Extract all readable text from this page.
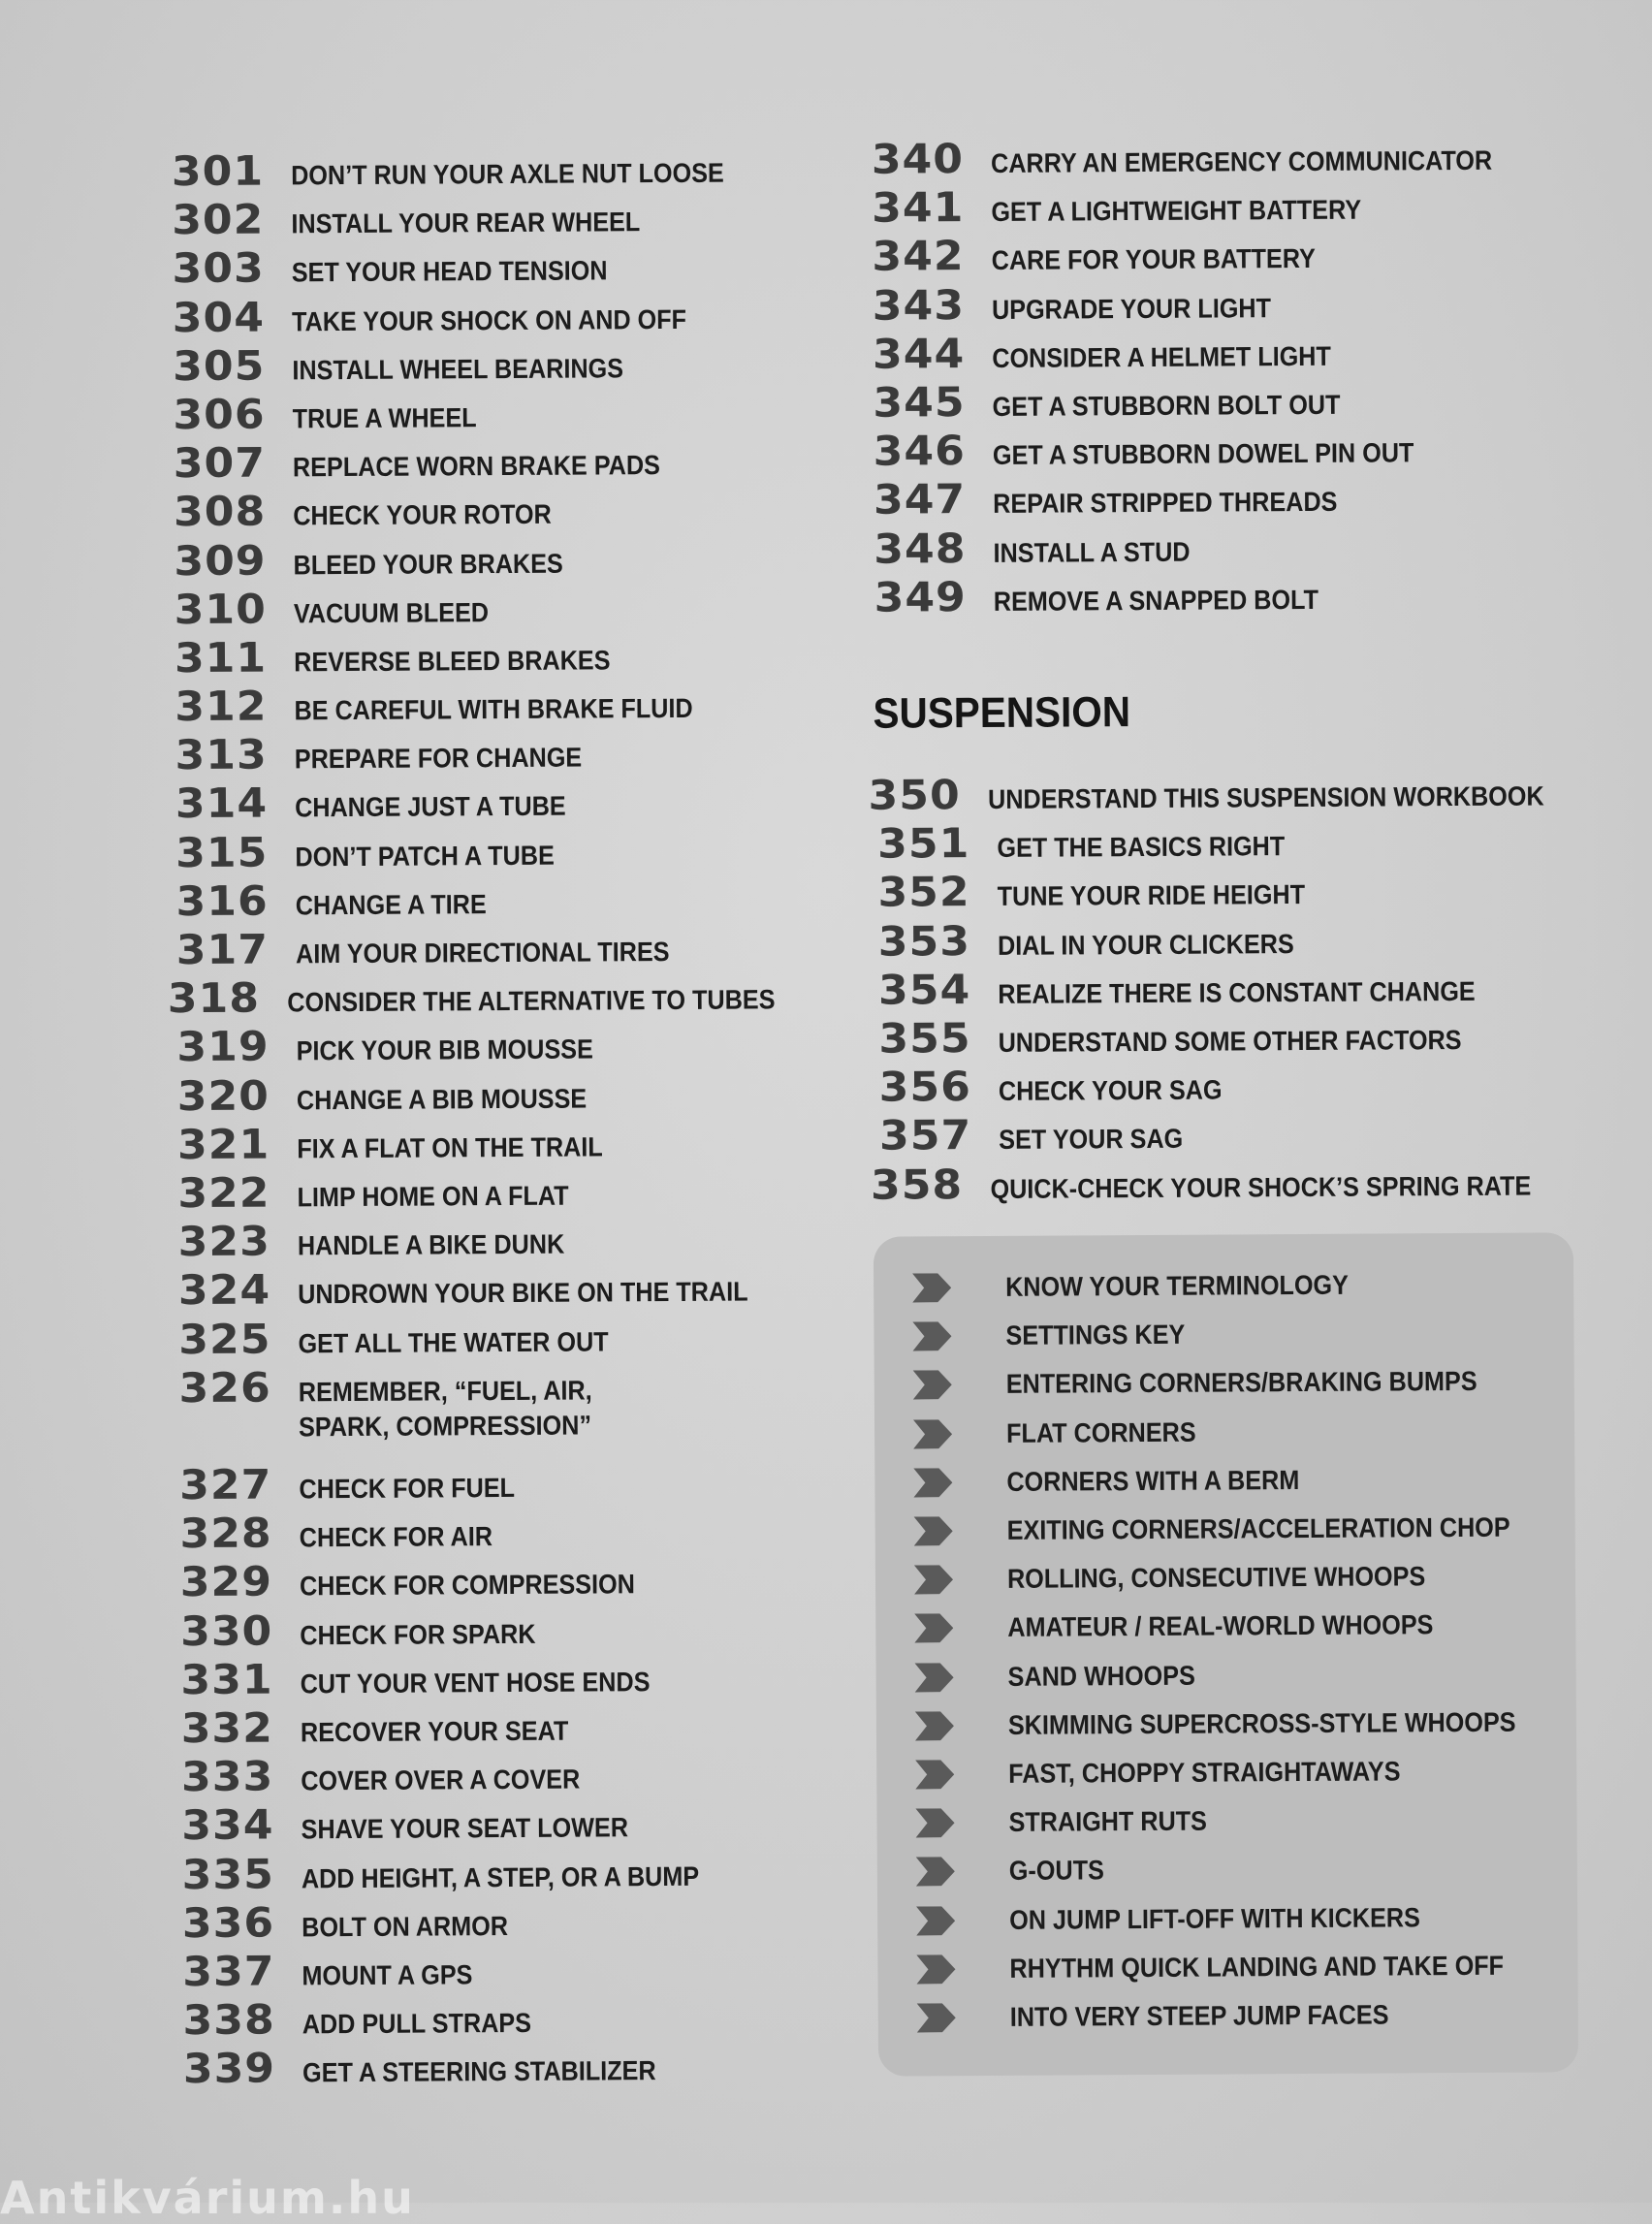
301 DON’T RUN YOUR AXLE NUT LOOSE
302 INSTALL YOUR REAR WHEEL
303 SET YOUR HEAD TENSION
304 TAKE YOUR SHOCK ON AND OFF
305 INSTALL WHEEL BEARINGS
306 TRUE A WHEEL
307 REPLACE WORN BRAKE PADS
308 CHECK YOUR ROTOR
309 BLEED YOUR BRAKES
310 VACUUM BLEED
311 REVERSE BLEED BRAKES
312 BE CAREFUL WITH BRAKE FLUID
313 PREPARE FOR CHANGE
314 CHANGE JUST A TUBE
315 DON’T PATCH A TUBE
316 CHANGE A TIRE
317 AIM YOUR DIRECTIONAL TIRES
318 CONSIDER THE ALTERNATIVE TO TUBES
319 PICK YOUR BIB MOUSSE
320 CHANGE A BIB MOUSSE
321 FIX A FLAT ON THE TRAIL
322 LIMP HOME ON A FLAT
323 HANDLE A BIKE DUNK
324 UNDROWN YOUR BIKE ON THE TRAIL
325 GET ALL THE WATER OUT
326 REMEMBER, “FUEL, AIR,
SPARK, COMPRESSION”
327 CHECK FOR FUEL
328 CHECK FOR AIR
329 CHECK FOR COMPRESSION
330 CHECK FOR SPARK
331 CUT YOUR VENT HOSE ENDS
332 RECOVER YOUR SEAT
333 COVER OVER A COVER
334 SHAVE YOUR SEAT LOWER
335 ADD HEIGHT, A STEP, OR A BUMP
336 BOLT ON ARMOR
337 MOUNT A GPS
338 ADD PULL STRAPS
339 GET A STEERING STABILIZER
340 CARRY AN EMERGENCY COMMUNICATOR
341 GET A LIGHTWEIGHT BATTERY
342 CARE FOR YOUR BATTERY
343 UPGRADE YOUR LIGHT
344 CONSIDER A HELMET LIGHT
345 GET A STUBBORN BOLT OUT
346 GET A STUBBORN DOWEL PIN OUT
347 REPAIR STRIPPED THREADS
348 INSTALL A STUD
349 REMOVE A SNAPPED BOLT
SUSPENSION
350 UNDERSTAND THIS SUSPENSION WORKBOOK
351 GET THE BASICS RIGHT
352 TUNE YOUR RIDE HEIGHT
353 DIAL IN YOUR CLICKERS
354 REALIZE THERE IS CONSTANT CHANGE
355 UNDERSTAND SOME OTHER FACTORS
356 CHECK YOUR SAG
357 SET YOUR SAG
358 QUICK-CHECK YOUR SHOCK’S SPRING RATE
KNOW YOUR TERMINOLOGY
SETTINGS KEY
ENTERING CORNERS/BRAKING BUMPS
FLAT CORNERS
CORNERS WITH A BERM
EXITING CORNERS/ACCELERATION CHOP
ROLLING, CONSECUTIVE WHOOPS
AMATEUR / REAL-WORLD WHOOPS
SAND WHOOPS
SKIMMING SUPERCROSS-STYLE WHOOPS
FAST, CHOPPY STRAIGHTAWAYS
STRAIGHT RUTS
G-OUTS
ON JUMP LIFT-OFF WITH KICKERS
RHYTHM QUICK LANDING AND TAKE OFF
INTO VERY STEEP JUMP FACES
Antikvárium.hu
